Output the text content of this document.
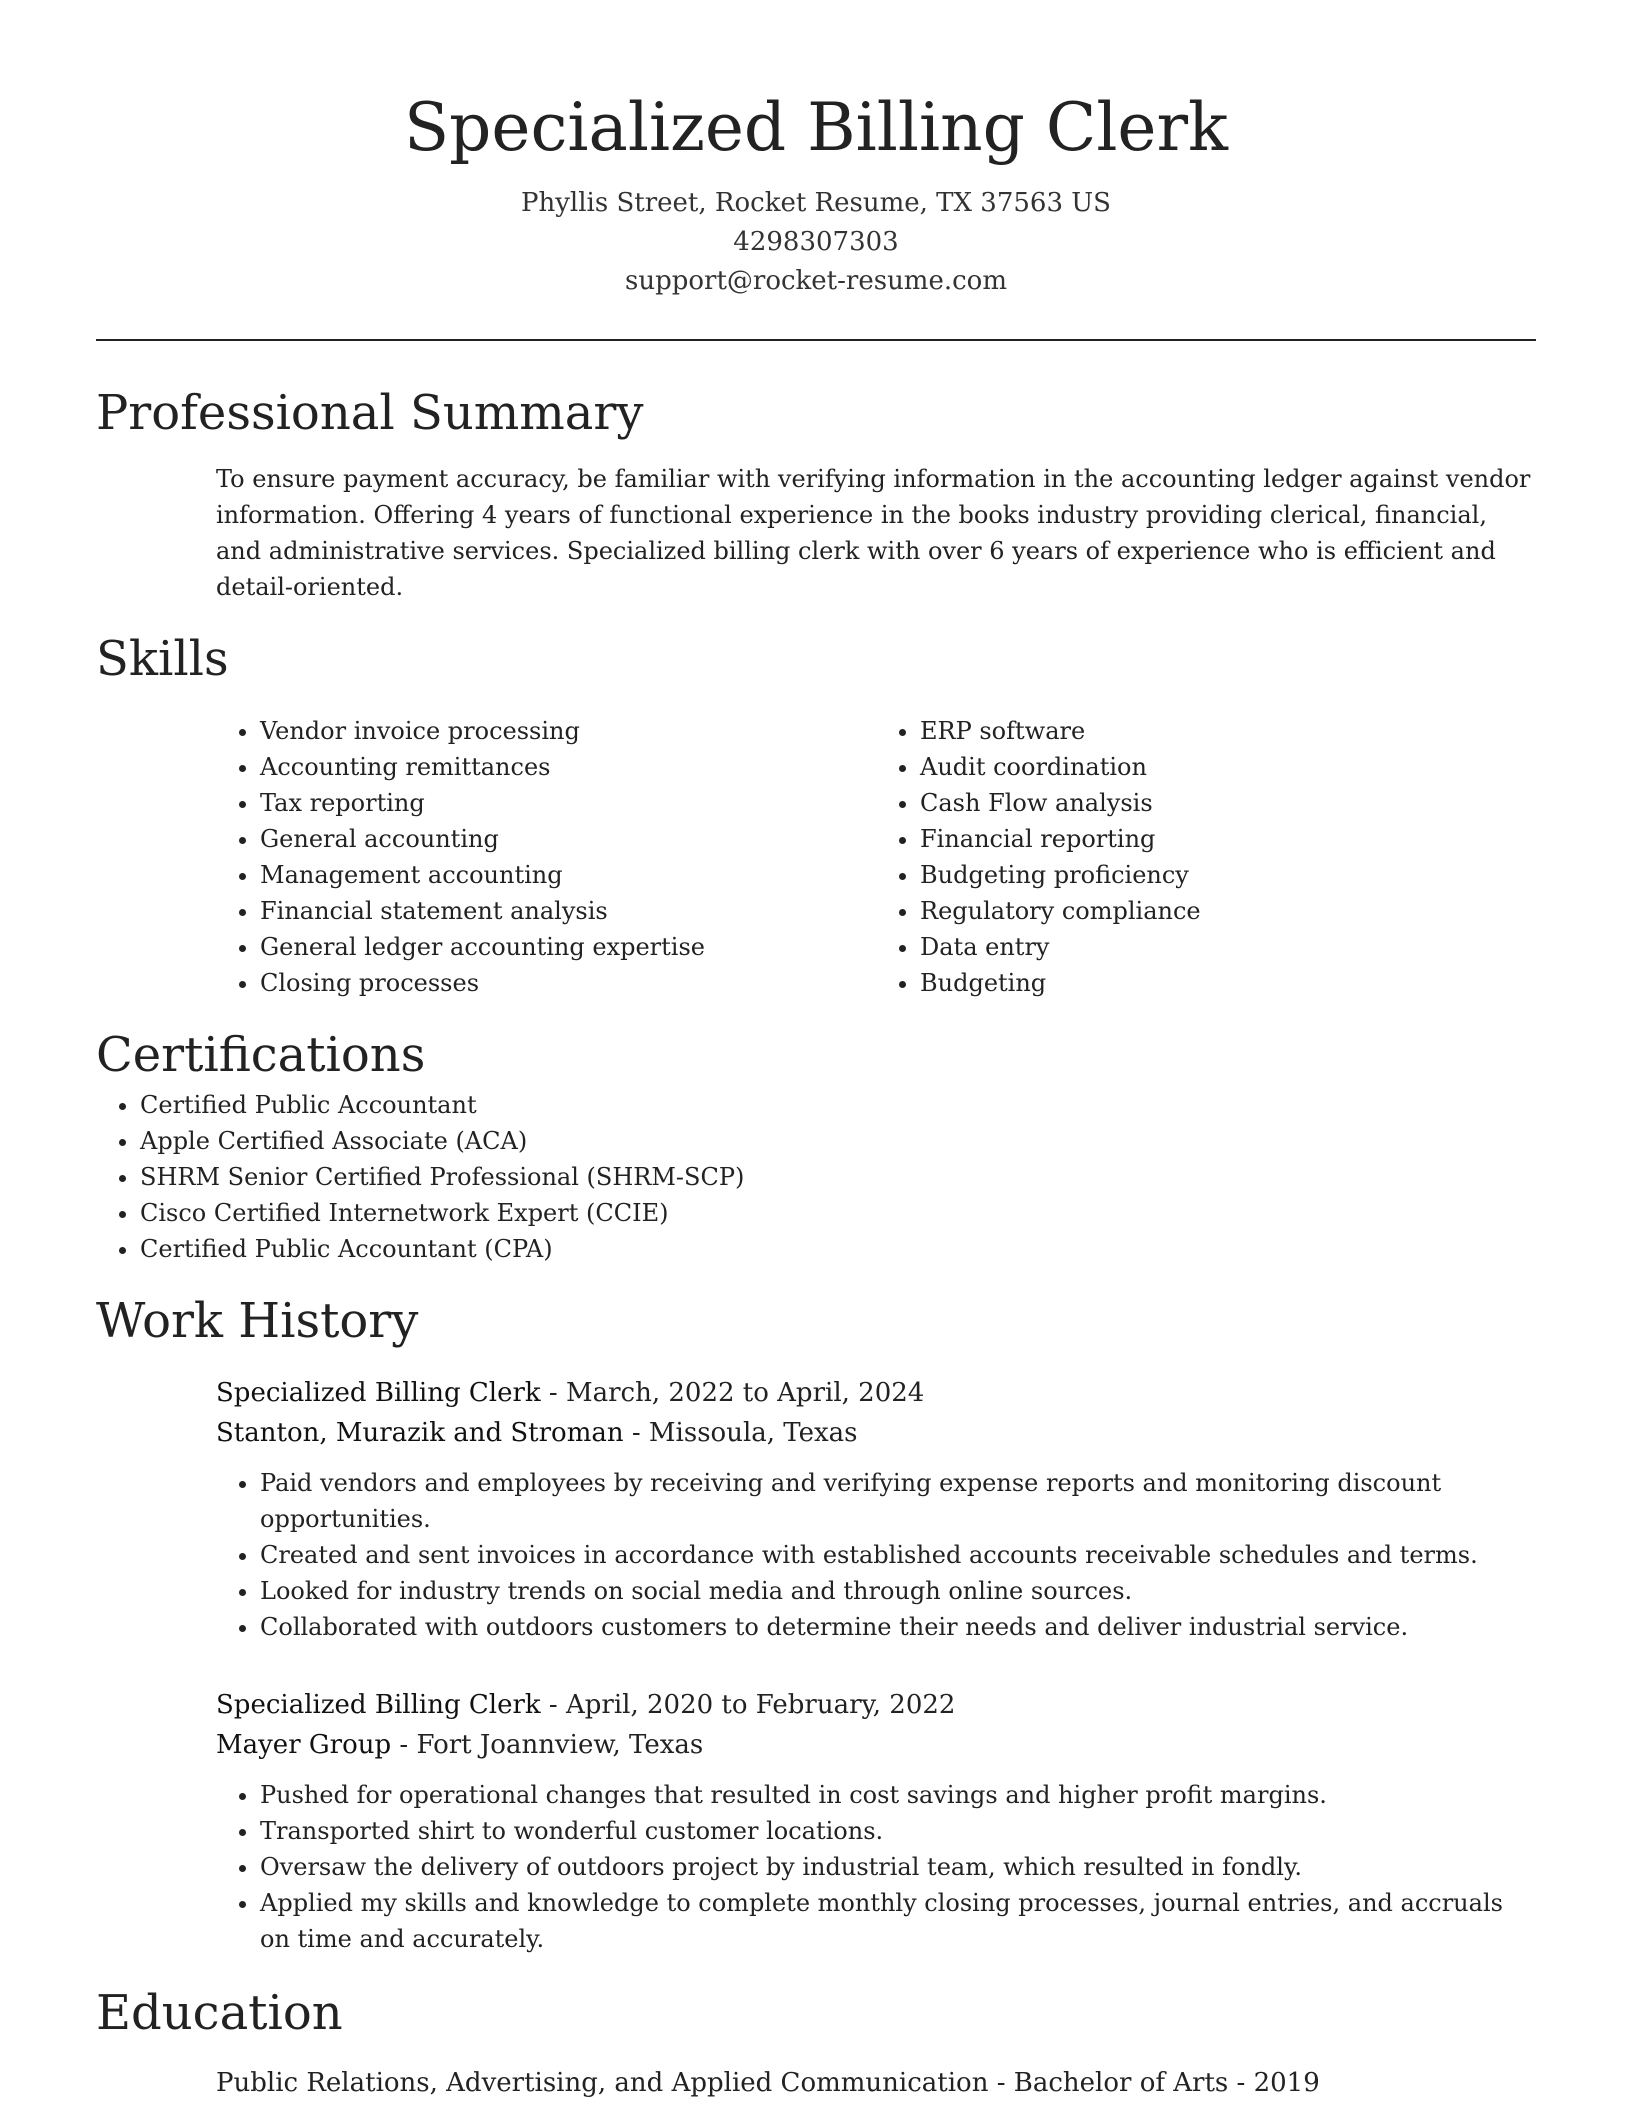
Specialized Billing Clerk
Phyllis Street, Rocket Resume, TX 37563 US
4298307303
support@rocket-resume.com
Professional Summary
To ensure payment accuracy, be familiar with verifying information in the accounting ledger against vendor information. Offering 4 years of functional experience in the books industry providing clerical, financial, and administrative services. Specialized billing clerk with over 6 years of experience who is efficient and detail-oriented.
Skills
• Vendor invoice processing
• Accounting remittances
• Tax reporting
• General accounting
• Management accounting
• Financial statement analysis
• General ledger accounting expertise
• Closing processes
• ERP software
• Audit coordination
• Cash Flow analysis
• Financial reporting
• Budgeting proficiency
• Regulatory compliance
• Data entry
• Budgeting
Certifications
• Certified Public Accountant
• Apple Certified Associate (ACA)
• SHRM Senior Certified Professional (SHRM-SCP)
• Cisco Certified Internetwork Expert (CCIE)
• Certified Public Accountant (CPA)
Work History
Specialized Billing Clerk - March, 2022 to April, 2024
Stanton, Murazik and Stroman - Missoula, Texas
• Paid vendors and employees by receiving and verifying expense reports and monitoring discount opportunities.
• Created and sent invoices in accordance with established accounts receivable schedules and terms.
• Looked for industry trends on social media and through online sources.
• Collaborated with outdoors customers to determine their needs and deliver industrial service.
Specialized Billing Clerk - April, 2020 to February, 2022
Mayer Group - Fort Joannview, Texas
• Pushed for operational changes that resulted in cost savings and higher profit margins.
• Transported shirt to wonderful customer locations.
• Oversaw the delivery of outdoors project by industrial team, which resulted in fondly.
• Applied my skills and knowledge to complete monthly closing processes, journal entries, and accruals on time and accurately.
Education
Public Relations, Advertising, and Applied Communication - Bachelor of Arts - 2019
